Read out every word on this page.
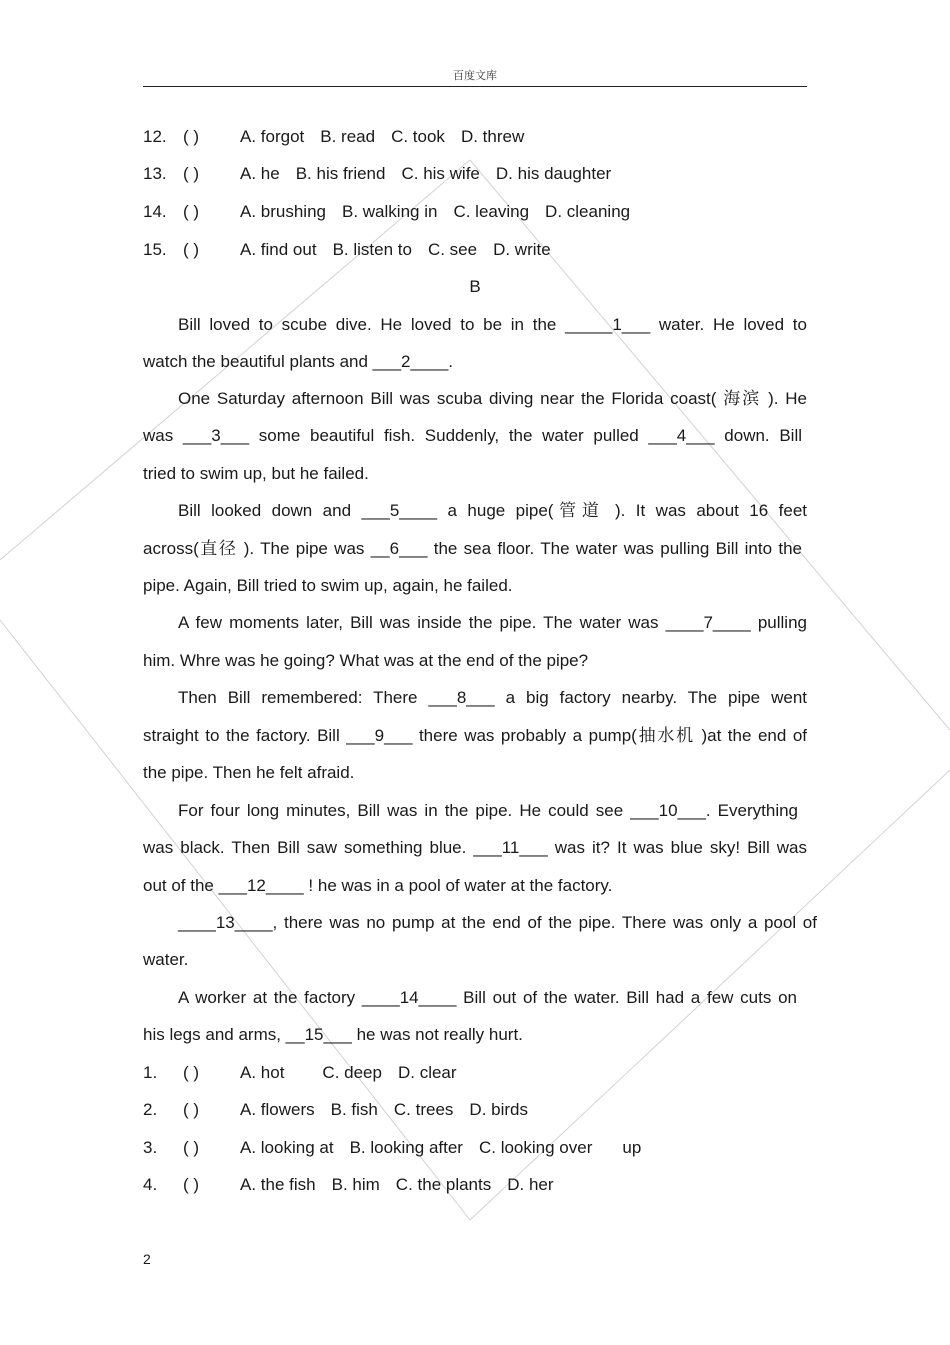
百度文库
12. ( ) A. forgot B. read C. took D. threw
13. ( ) A. he B. his friend C. his wife D. his daughter
14. ( ) A. brushing B. walking in C. leaving D. cleaning
15. ( ) A. find out B. listen to C. see D. write
B
Bill loved to scube dive. He loved to be in the _____1___ water. He loved to
watch the beautiful plants and ___2____.
One Saturday afternoon Bill was scuba diving near the Florida coast( 海滨 ). He
was ___3___ some beautiful fish. Suddenly, the water pulled ___4___ down. Bill
tried to swim up, but he failed.
Bill looked down and ___5____ a huge pipe(管道 ). It was about 16 feet
across(直径 ). The pipe was __6___ the sea floor. The water was pulling Bill into the
pipe. Again, Bill tried to swim up, again, he failed.
A few moments later, Bill was inside the pipe. The water was ____7____ pulling
him. Whre was he going? What was at the end of the pipe?
Then Bill remembered: There ___8___ a big factory nearby. The pipe went
straight to the factory. Bill ___9___ there was probably a pump(抽水机 )at the end of
the pipe. Then he felt afraid.
For four long minutes, Bill was in the pipe. He could see ___10___. Everything
was black. Then Bill saw something blue. ___11___ was it? It was blue sky! Bill was
out of the ___12____ ! he was in a pool of water at the factory.
____13____, there was no pump at the end of the pipe. There was only a pool of
water.
A worker at the factory ____14____ Bill out of the water. Bill had a few cuts on
his legs and arms, __15___ he was not really hurt.
1. ( ) A. hot C. deep D. clear
2. ( ) A. flowers B. fish C. trees D. birds
3. ( ) A. looking at B. looking after C. looking over up
4. ( ) A. the fish B. him C. the plants D. her
2
